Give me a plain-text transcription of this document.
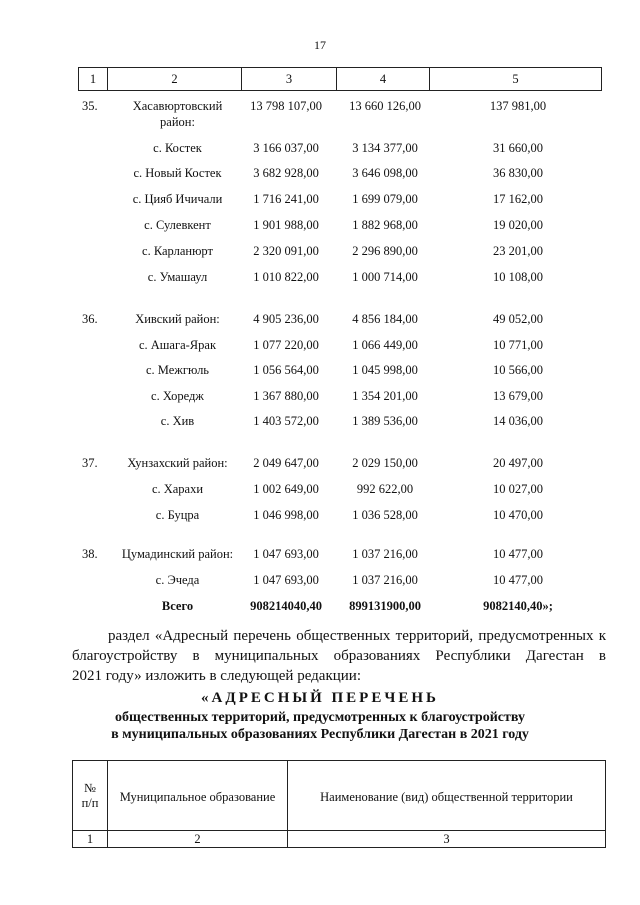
17
1	2	3	4	5
35.	Хасавюртовский	13 798 107,00	13 660 126,00	137 981,00
район:
с. Костек	3 166 037,00	3 134 377,00	31 660,00
с. Новый Костек	3 682 928,00	3 646 098,00	36 830,00
с. Цияб Ичичали	1 716 241,00	1 699 079,00	17 162,00
с. Сулевкент	1 901 988,00	1 882 968,00	19 020,00
с. Карланюрт	2 320 091,00	2 296 890,00	23 201,00
с. Умашаул	1 010 822,00	1 000 714,00	10 108,00
36.	Хивский район:	4 905 236,00	4 856 184,00	49 052,00
с. Ашага-Ярак	1 077 220,00	1 066 449,00	10 771,00
с. Межгюль	1 056 564,00	1 045 998,00	10 566,00
с. Хоредж	1 367 880,00	1 354 201,00	13 679,00
с. Хив	1 403 572,00	1 389 536,00	14 036,00
37.	Хунзахский район:	2 049 647,00	2 029 150,00	20 497,00
с. Харахи	1 002 649,00	992 622,00	10 027,00
с. Буцра	1 046 998,00	1 036 528,00	10 470,00
38.	Цумадинский район:	1 047 693,00	1 037 216,00	10 477,00
с. Эчеда	1 047 693,00	1 037 216,00	10 477,00
Всего	908214040,40	899131900,00	9082140,40»;
раздел «Адресный перечень общественных территорий, предусмотренных к
благоустройству в муниципальных образованиях Республики Дагестан в
2021 году» изложить в следующей редакции:
«АДРЕСНЫЙ ПЕРЕЧЕНЬ
общественных территорий, предусмотренных к благоустройству
в муниципальных образованиях Республики Дагестан в 2021 году
№
п/п	Муниципальное образование	Наименование (вид) общественной территории
1	2	3
